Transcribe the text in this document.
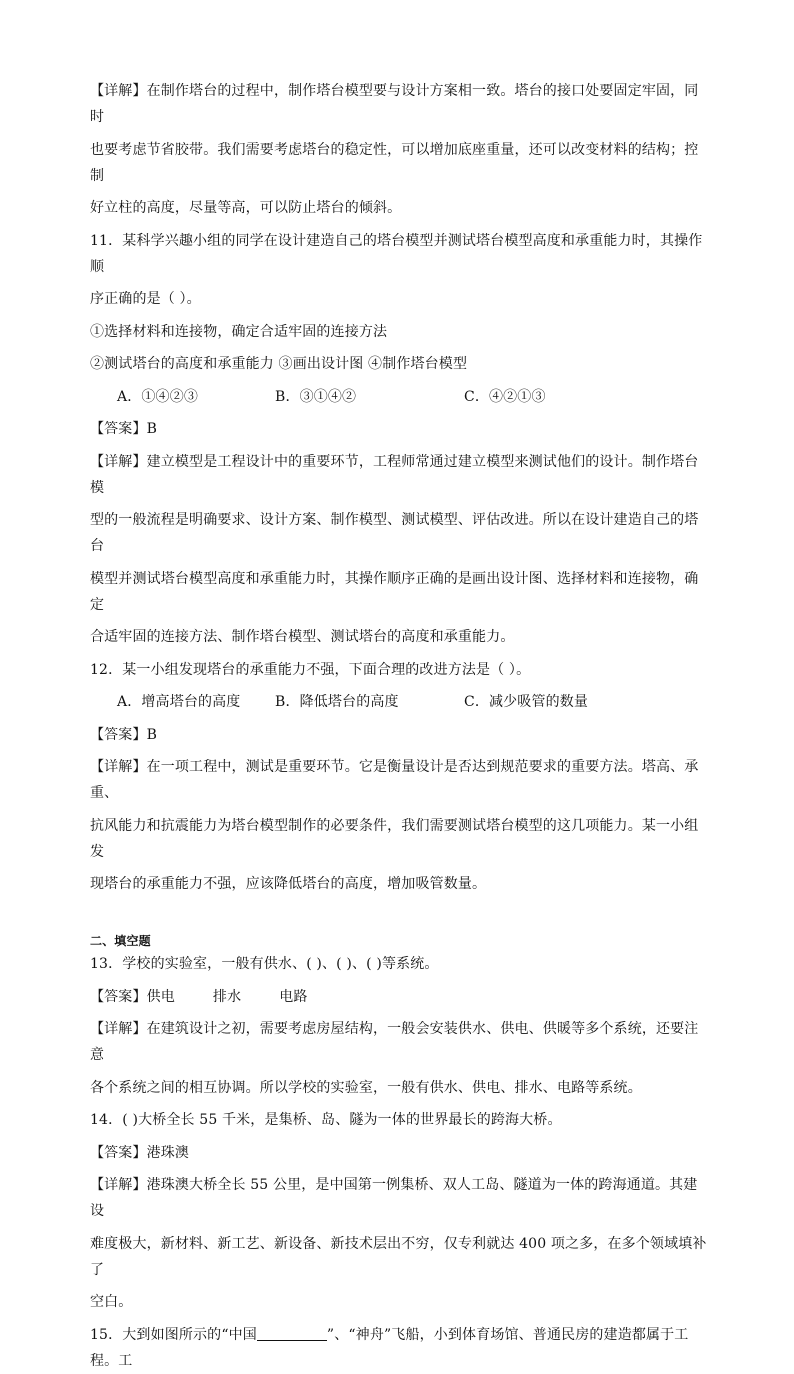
【详解】在制作塔台的过程中，制作塔台模型要与设计方案相一致。塔台的接口处要固定牢固，同时

也要考虑节省胶带。我们需要考虑塔台的稳定性，可以增加底座重量，还可以改变材料的结构；控制

好立柱的高度，尽量等高，可以防止塔台的倾斜。

11．某科学兴趣小组的同学在设计建造自己的塔台模型并测试塔台模型高度和承重能力时，其操作顺

序正确的是（ ）。

①选择材料和连接物，确定合适牢固的连接方法

②测试塔台的高度和承重能力 ③画出设计图 ④制作塔台模型

A．①④②③	B．③①④②	C．④②①③

【答案】B

【详解】建立模型是工程设计中的重要环节，工程师常通过建立模型来测试他们的设计。制作塔台模

型的一般流程是明确要求、设计方案、制作模型、测试模型、评估改进。所以在设计建造自己的塔台

模型并测试塔台模型高度和承重能力时，其操作顺序正确的是画出设计图、选择材料和连接物，确定

合适牢固的连接方法、制作塔台模型、测试塔台的高度和承重能力。

12．某一小组发现塔台的承重能力不强，下面合理的改进方法是（ ）。

A．增高塔台的高度	B．降低塔台的高度	C．减少吸管的数量

【答案】B

【详解】在一项工程中，测试是重要环节。它是衡量设计是否达到规范要求的重要方法。塔高、承重、

抗风能力和抗震能力为塔台模型制作的必要条件，我们需要测试塔台模型的这几项能力。某一小组发

现塔台的承重能力不强，应该降低塔台的高度，增加吸管数量。

二、填空题

13．学校的实验室，一般有供水、( )、( )、( )等系统。

【答案】供电	排水	电路

【详解】在建筑设计之初，需要考虑房屋结构，一般会安装供水、供电、供暖等多个系统，还要注意

各个系统之间的相互协调。所以学校的实验室，一般有供水、供电、排水、电路等系统。

14．( )大桥全长 55 千米，是集桥、岛、隧为一体的世界最长的跨海大桥。

【答案】港珠澳

【详解】港珠澳大桥全长 55 公里，是中国第一例集桥、双人工岛、隧道为一体的跨海通道。其建设

难度极大，新材料、新工艺、新设备、新技术层出不穷，仅专利就达 400 项之多，在多个领域填补了

空白。

15．大到如图所示的“中国	”、“神舟”飞船，小到体育场馆、普通民房的建造都属于工程。工
